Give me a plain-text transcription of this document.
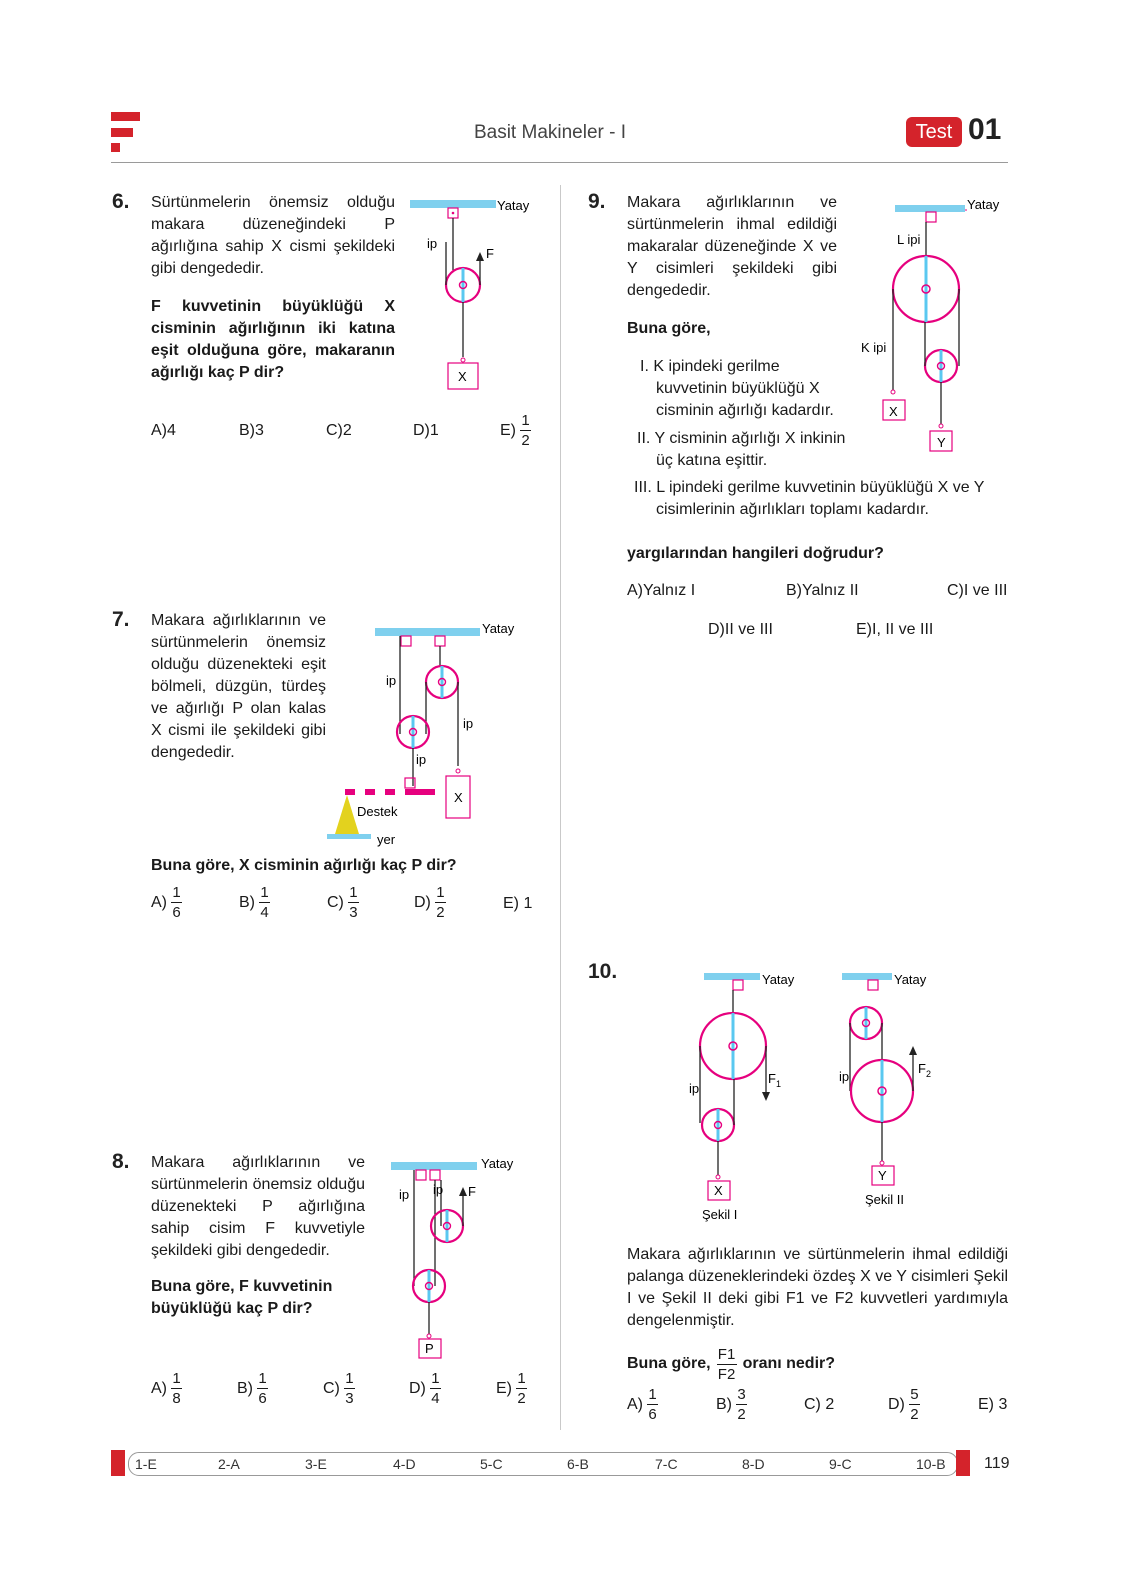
Basit Makineler - I	Test 01
6. Sürtünmelerin önemsiz olduğu makara düzeneğindeki P ağırlığına sahip X cismi şekildeki gibi dengededir.
F kuvvetinin büyüklüğü X cisminin ağırlığının iki katına eşit olduğuna göre, makaranın ağırlığı kaç P dir?
Yatay
ip
F
X
A) 4	B) 3	C) 2	D) 1	$E) \frac{1}{2}$
7. Makara ağırlıklarının ve sürtünmelerin önemsiz olduğu düzenekteki eşit bölmeli, düzgün, türdeş ve ağırlığı P olan kalas X cismi ile şekildeki gibi dengededir.
Yatay
ip
ip
ip
Destek
yer
X
Buna göre, X cisminin ağırlığı kaç P dir?
$A) \frac{1}{6}$	$B) \frac{1}{4}$	$C) \frac{1}{3}$	$D) \frac{1}{2}$	E)
1
8. Makara ağırlıklarının ve sürtünmelerin önemsiz olduğu düzenekteki P ağırlığına sahip cisim F kuvvetiyle şekildeki gibi dengededir.
Buna göre, F kuvvetinin büyüklüğü kaç P dir?
Yatay
ip ip F
P
$A) \frac{1}{8}$	$B) \frac{1}{6}$	$C) \frac{1}{3}$	$D) \frac{1}{4}$	$E) \frac{1}{2}$
9. Makara ağırlıklarının ve sürtünmelerin ihmal edildiği makaralar düzeneğinde X ve Y cisimleri şekildeki gibi dengededir.
Buna göre,
I. K ipindeki gerilme kuvvetinin büyüklüğü X cisminin ağırlığı kadardır.
II. Y cisminin ağırlığı X inkinin üç katına eşittir.
III. L ipindeki gerilme kuvvetinin büyüklüğü X ve Y cisimlerinin ağırlıkları toplamı kadardır.
yargılarından hangileri doğrudur?
Yatay
L ipi
K ipi
X
Y
A) Yalnız I	B) Yalnız II	C) I ve III
D) II ve III	E) I, II ve III
10.	Yatay	Yatay
ip
ip
$F_1$
$F_2$
X
Y
Şekil I
Şekil II
Makara ağırlıklarının ve sürtünmelerin ihmal edildiği palanga düzeneklerindeki özdeş X ve Y cisimleri Şekil I ve Şekil II deki gibi F1 ve F2 kuvvetleri yardımıyla dengelenmiştir.
Buna göre, $\frac{F1}{F2}$ oranı nedir?
$A) \frac{1}{6}$	$B) \frac{3}{2}$	C)
2	$D) \frac{5}{2}$	E)
3
1-E	2-A	3-E	4-D	5-C	6-B	7-C	8-D	9-C	10-B 119
